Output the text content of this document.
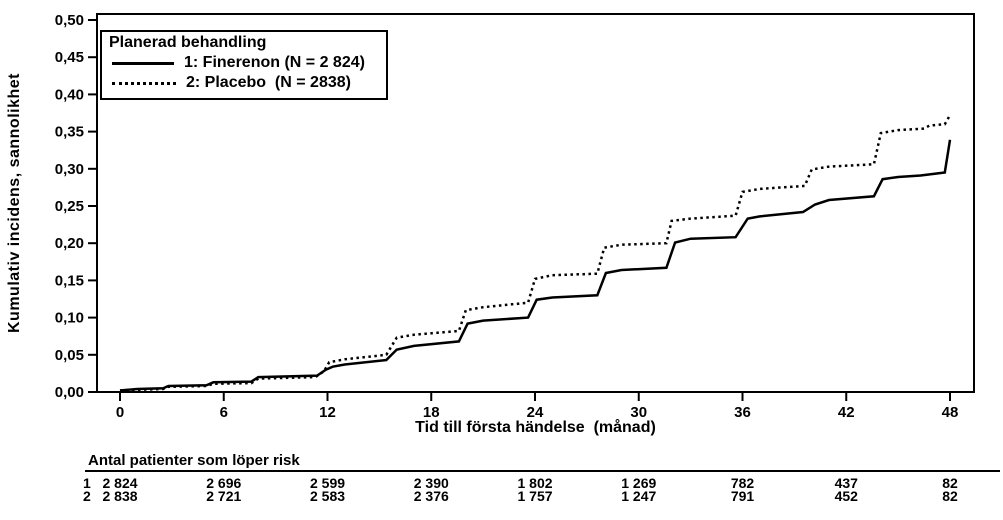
0,00
0,05
0,10
0,15
0,20
0,25
0,30
0,35
0,40
0,45
0,50
0	6	12	18	24	30	36	42	48
Kumulativ incidens, sannolikhet
Tid till första händelse  (månad)
Planerad behandling
1: Finerenon (N = 2 824)
2: Placebo  (N = 2838)
Antal patienter som löper risk
1 2 824	2 696	2 599	2 390	1 802	1 269	782	437	82
2 2 838	2 721	2 583	2 376	1 757	1 247	791	452	82
